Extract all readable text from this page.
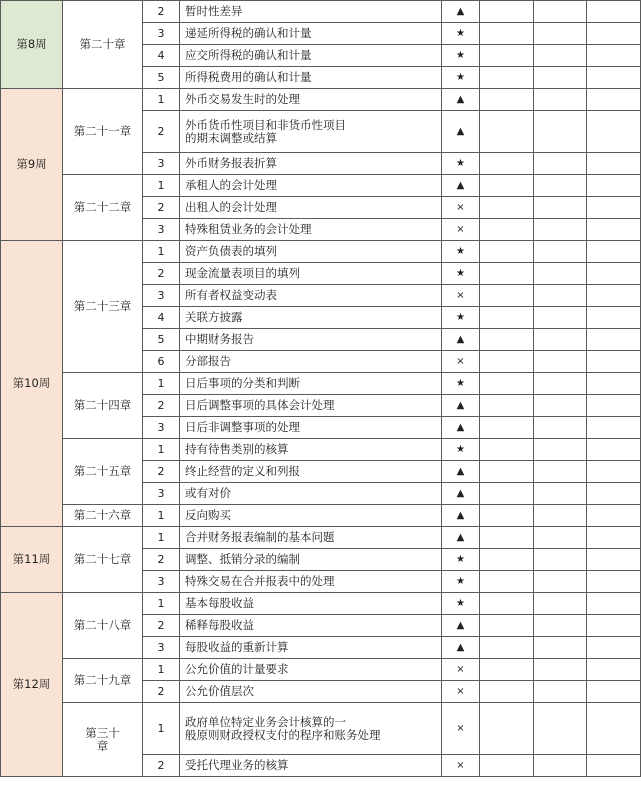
第8周	第二十章	2	暂时性差异	▲			
		3	递延所得税的确认和计量	★			
		4	应交所得税的确认和计量	★			
		5	所得税费用的确认和计量	★			
第9周	第二十一章	1	外币交易发生时的处理	▲			
		2	外币货币性项目和非货币性项目
的期末调整或结算	▲			
		3	外币财务报表折算	★			
	第二十二章	1	承租人的会计处理	▲			
		2	出租人的会计处理	×			
		3	特殊租赁业务的会计处理	×			
第10周	第二十三章	1	资产负债表的填列	★			
		2	现金流量表项目的填列	★			
		3	所有者权益变动表	×			
		4	关联方披露	★			
		5	中期财务报告	▲			
		6	分部报告	×			
	第二十四章	1	日后事项的分类和判断	★			
		2	日后调整事项的具体会计处理	▲			
		3	日后非调整事项的处理	▲			
	第二十五章	1	持有待售类别的核算	★			
		2	终止经营的定义和列报	▲			
		3	或有对价	▲			
	第二十六章	1	反向购买	▲			
第11周	第二十七章	1	合并财务报表编制的基本问题	▲			
		2	调整、抵销分录的编制	★			
		3	特殊交易在合并报表中的处理	★			
第12周	第二十八章	1	基本每股收益	★			
		2	稀释每股收益	▲			
		3	每股收益的重新计算	▲			
	第二十九章	1	公允价值的计量要求	×			
		2	公允价值层次	×			
	第三十
章	1	政府单位特定业务会计核算的一
般原则财政授权支付的程序和账务处理	×			
		2	受托代理业务的核算	×			
